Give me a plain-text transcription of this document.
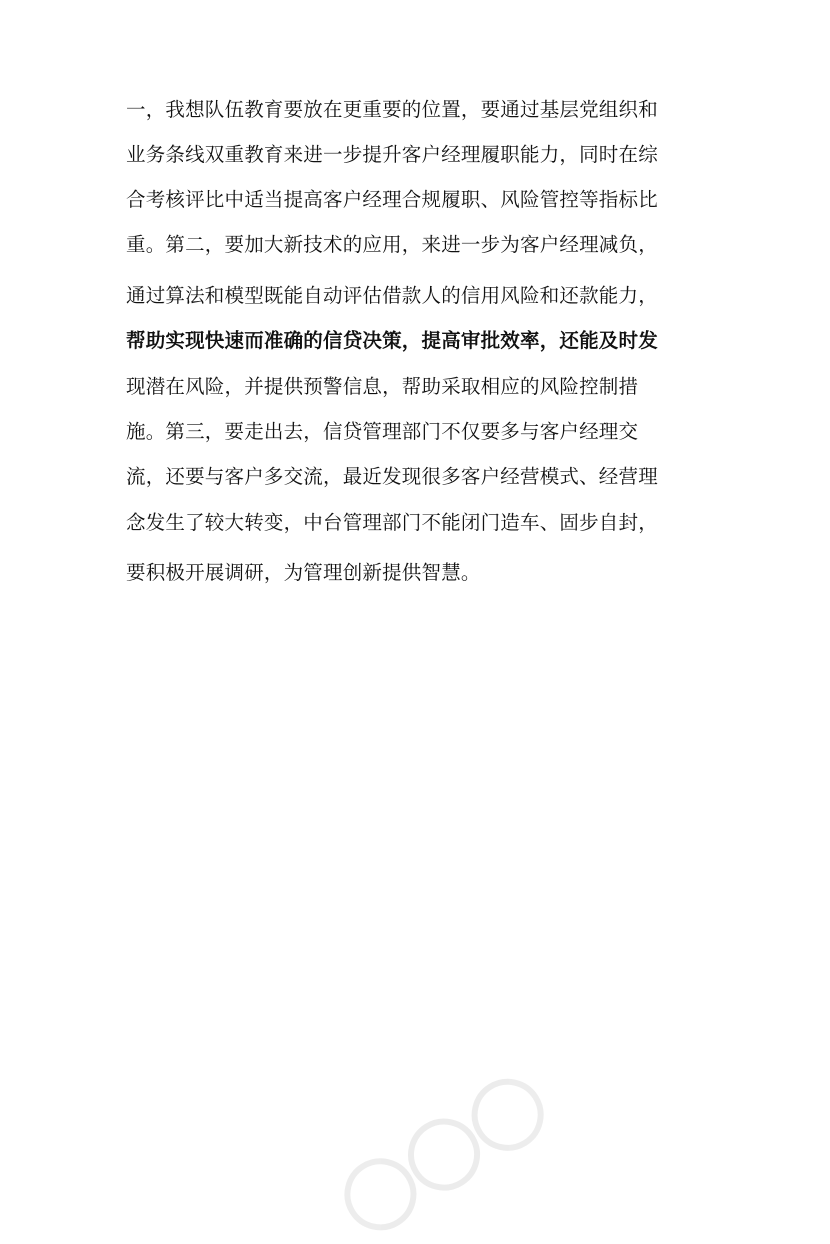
一，我想队伍教育要放在更重要的位置，要通过基层党组织和
业务条线双重教育来进一步提升客户经理履职能力，同时在综
合考核评比中适当提高客户经理合规履职、风险管控等指标比
重。第二，要加大新技术的应用，来进一步为客户经理减负，
通过算法和模型既能自动评估借款人的信用风险和还款能力，
帮助实现快速而准确的信贷决策，提高审批效率，还能及时发
现潜在风险，并提供预警信息，帮助采取相应的风险控制措
施。第三，要走出去，信贷管理部门不仅要多与客户经理交
流，还要与客户多交流，最近发现很多客户经营模式、经营理
念发生了较大转变，中台管理部门不能闭门造车、固步自封，
要积极开展调研，为管理创新提供智慧。
